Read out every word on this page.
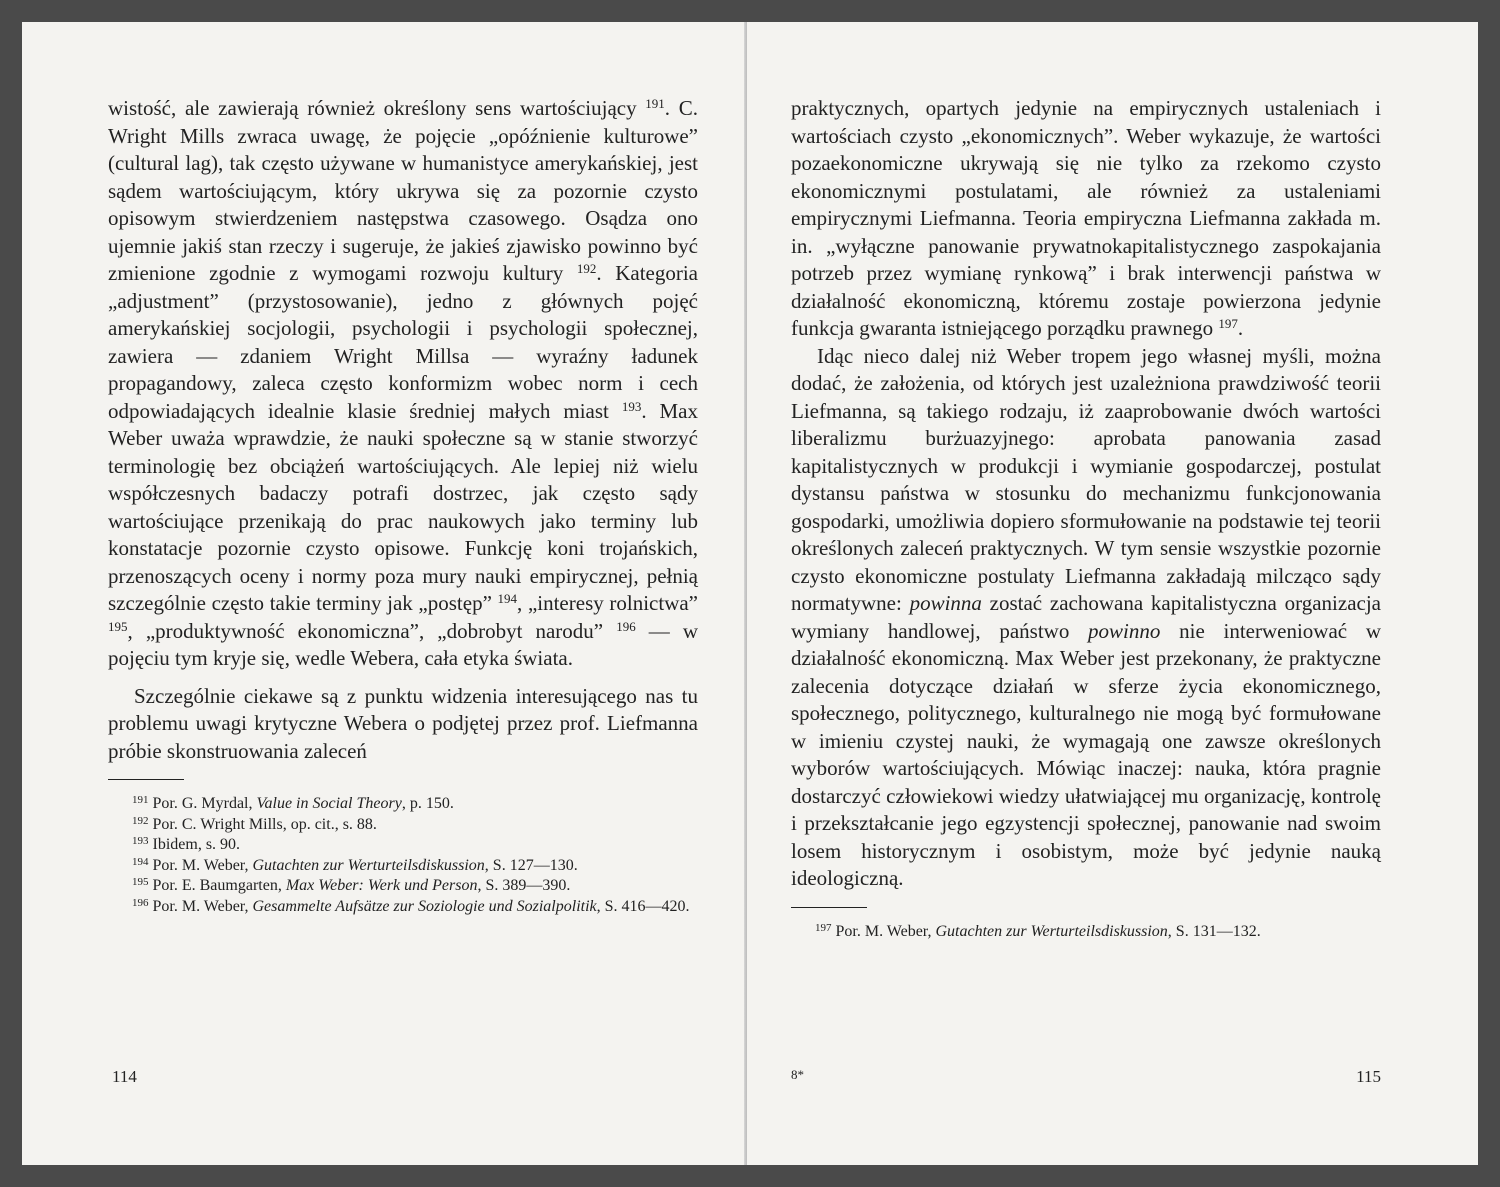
wistość, ale zawierają również określony sens wartościujący $^{191}$. C. Wright Mills zwraca uwagę, że pojęcie „opóźnienie kulturowe” (cultural lag), tak często używane w humanistyce amerykańskiej, jest sądem wartościującym, który ukrywa się za pozornie czysto opisowym stwierdzeniem następstwa czasowego. Osądza ono ujemnie jakiś stan rzeczy i sugeruje, że jakieś zjawisko powinno być zmienione zgodnie z wymogami rozwoju kultury $^{192}$. Kategoria „adjustment” (przystosowanie), jedno z głównych pojęć amerykańskiej socjologii, psychologii i psychologii społecznej, zawiera — zdaniem Wright Millsa — wyraźny ładunek propagandowy, zaleca często konformizm wobec norm i cech odpowiadających idealnie klasie średniej małych miast $^{193}$. Max Weber uważa wprawdzie, że nauki społeczne są w stanie stworzyć terminologię bez obciążeń wartościujących. Ale lepiej niż wielu współczesnych badaczy potrafi dostrzec, jak często sądy wartościujące przenikają do prac naukowych jako terminy lub konstatacje pozornie czysto opisowe. Funkcję koni trojańskich, przenoszących oceny i normy poza mury nauki empirycznej, pełnią szczególnie często takie terminy jak „postęp” $^{194}$, „interesy rolnictwa” $^{195}$, „produktywność ekonomiczna”, „dobrobyt narodu” $^{196}$ — w pojęciu tym kryje się, wedle Webera, cała etyka świata.

Szczególnie ciekawe są z punktu widzenia interesującego nas tu problemu uwagi krytyczne Webera o podjętej przez prof. Liefmanna próbie skonstruowania zaleceń

$^{191}$ Por. G. Myrdal, Value in Social Theory, p. 150.

$^{192}$ Por. C. Wright Mills, op. cit., s. 88.

$^{193}$ Ibidem, s. 90.

$^{194}$ Por. M. Weber, Gutachten zur Werturteilsdiskussion, S. 127—130.

$^{195}$ Por. E. Baumgarten, Max Weber: Werk und Person, S. 389—390.

$^{196}$ Por. M. Weber, Gesammelte Aufsätze zur Soziologie und Sozialpolitik, S. 416—420.

114

praktycznych, opartych jedynie na empirycznych ustaleniach i wartościach czysto „ekonomicznych”. Weber wykazuje, że wartości pozaekonomiczne ukrywają się nie tylko za rzekomo czysto ekonomicznymi postulatami, ale również za ustaleniami empirycznymi Liefmanna. Teoria empiryczna Liefmanna zakłada m. in. „wyłączne panowanie prywatnokapitalistycznego zaspokajania potrzeb przez wymianę rynkową” i brak interwencji państwa w działalność ekonomiczną, któremu zostaje powierzona jedynie funkcja gwaranta istniejącego porządku prawnego $^{197}$.

Idąc nieco dalej niż Weber tropem jego własnej myśli, można dodać, że założenia, od których jest uzależniona prawdziwość teorii Liefmanna, są takiego rodzaju, iż zaaprobowanie dwóch wartości liberalizmu burżuazyjnego: aprobata panowania zasad kapitalistycznych w produkcji i wymianie gospodarczej, postulat dystansu państwa w stosunku do mechanizmu funkcjonowania gospodarki, umożliwia dopiero sformułowanie na podstawie tej teorii określonych zaleceń praktycznych. W tym sensie wszystkie pozornie czysto ekonomiczne postulaty Liefmanna zakładają milcząco sądy normatywne: powinna zostać zachowana kapitalistyczna organizacja wymiany handlowej, państwo powinno nie interweniować w działalność ekonomiczną. Max Weber jest przekonany, że praktyczne zalecenia dotyczące działań w sferze życia ekonomicznego, społecznego, politycznego, kulturalnego nie mogą być formułowane w imieniu czystej nauki, że wymagają one zawsze określonych wyborów wartościujących. Mówiąc inaczej: nauka, która pragnie dostarczyć człowiekowi wiedzy ułatwiającej mu organizację, kontrolę i przekształcanie jego egzystencji społecznej, panowanie nad swoim losem historycznym i osobistym, może być jedynie nauką ideologiczną.

$^{197}$ Por. M. Weber, Gutachten zur Werturteilsdiskussion, S. 131—132.

8*	115
